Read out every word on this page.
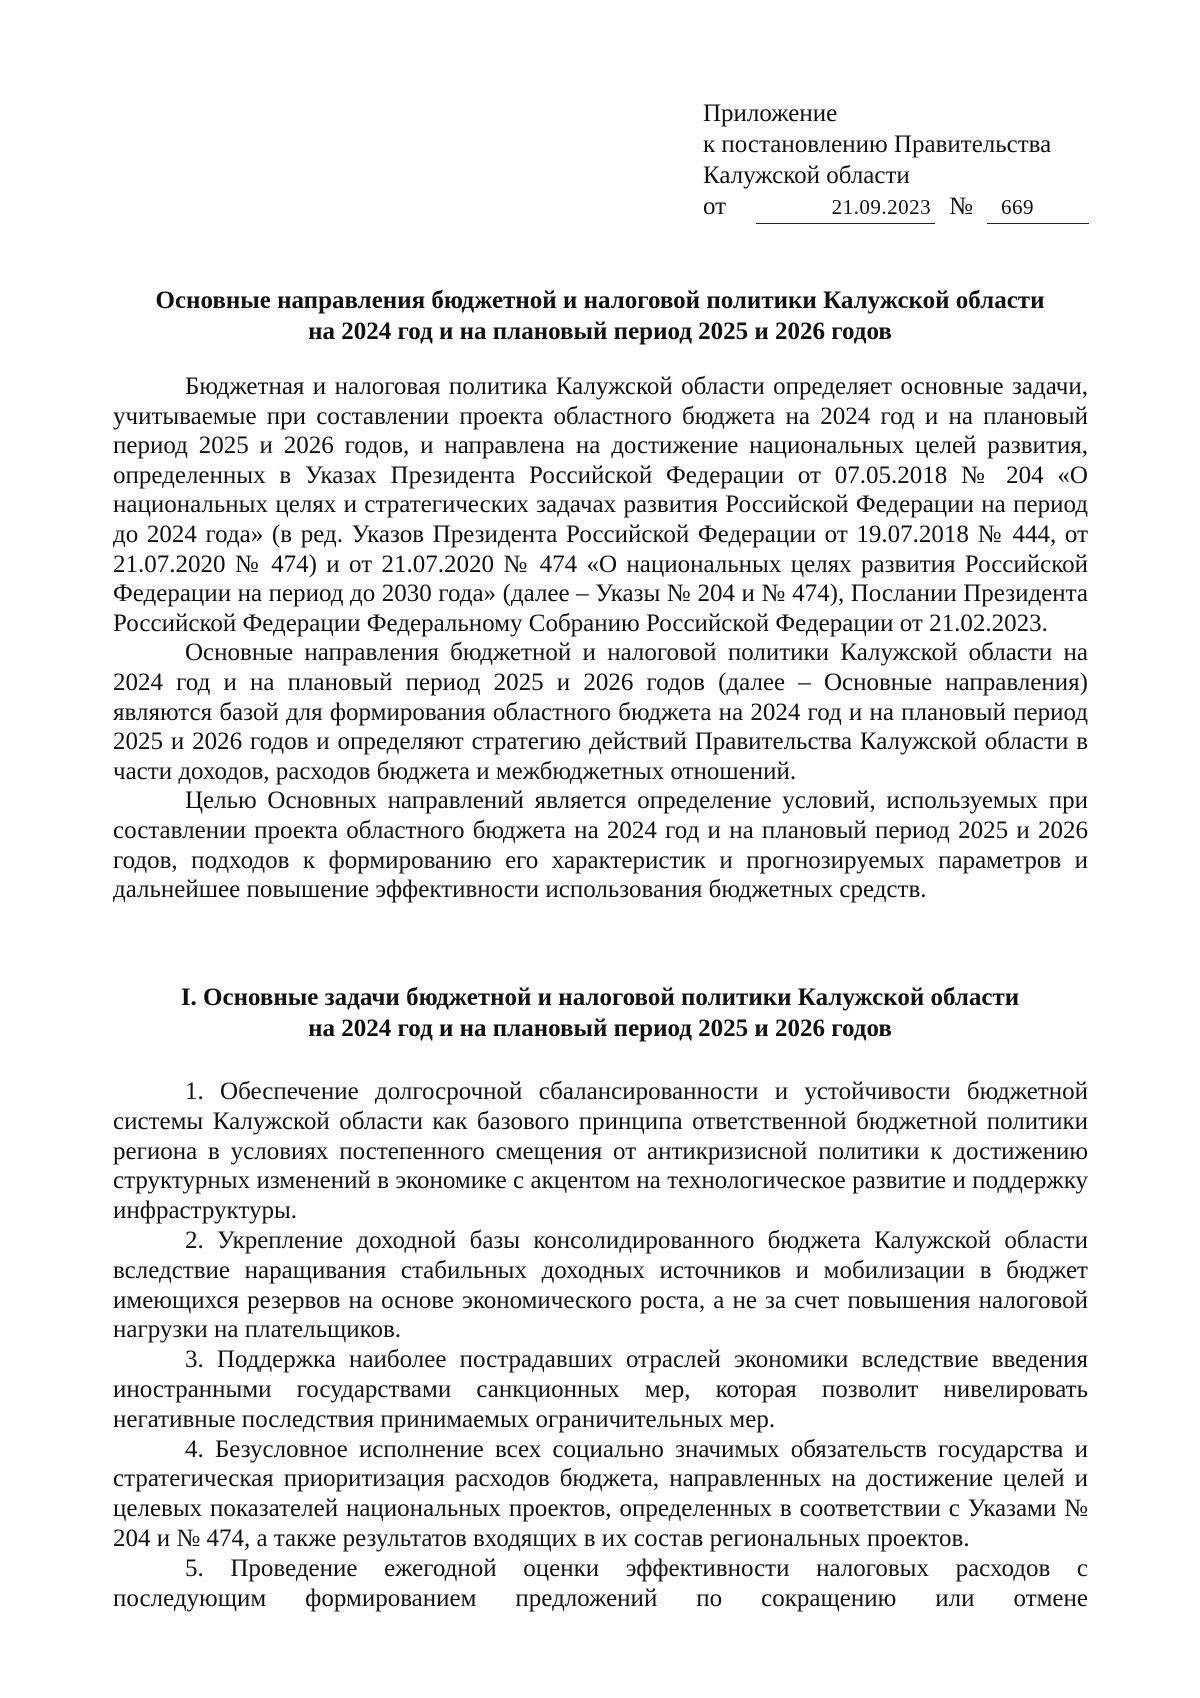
Приложение
к постановлению Правительства
Калужской области
от	21.09.2023 №	669
Основные направления бюджетной и налоговой политики Калужской области
на 2024 год и на плановый период 2025 и 2026 годов

Бюджетная и налоговая политика Калужской области определяет основные задачи, учитываемые при составлении проекта областного бюджета на 2024 год и на плановый период 2025 и 2026 годов, и направлена на достижение национальных целей развития, определенных в Указах Президента Российской Федерации от 07.05.2018 № 204 «О национальных целях и стратегических задачах развития Российской Федерации на период до 2024 года» (в ред. Указов Президента Российской Федерации от 19.07.2018 № 444, от 21.07.2020 № 474) и от 21.07.2020 № 474 «О национальных целях развития Российской Федерации на период до 2030 года» (далее – Указы № 204 и № 474), Послании Президента Российской Федерации Федеральному Собранию Российской Федерации от 21.02.2023.

Основные направления бюджетной и налоговой политики Калужской области на 2024 год и на плановый период 2025 и 2026 годов (далее – Основные направления) являются базой для формирования областного бюджета на 2024 год и на плановый период 2025 и 2026 годов и определяют стратегию действий Правительства Калужской области в части доходов, расходов бюджета и межбюджетных отношений.

Целью Основных направлений является определение условий, используемых при составлении проекта областного бюджета на 2024 год и на плановый период 2025 и 2026 годов, подходов к формированию его характеристик и прогнозируемых параметров и дальнейшее повышение эффективности использования бюджетных средств.

I. Основные задачи бюджетной и налоговой политики Калужской области
на 2024 год и на плановый период 2025 и 2026 годов

1. Обеспечение долгосрочной сбалансированности и устойчивости бюджетной системы Калужской области как базового принципа ответственной бюджетной политики региона в условиях постепенного смещения от антикризисной политики к достижению структурных изменений в экономике с акцентом на технологическое развитие и поддержку инфраструктуры.

2. Укрепление доходной базы консолидированного бюджета Калужской области вследствие наращивания стабильных доходных источников и мобилизации в бюджет имеющихся резервов на основе экономического роста, а не за счет повышения налоговой нагрузки на плательщиков.

3. Поддержка наиболее пострадавших отраслей экономики вследствие введения иностранными государствами санкционных мер, которая позволит нивелировать негативные последствия принимаемых ограничительных мер.

4. Безусловное исполнение всех социально значимых обязательств государства и стратегическая приоритизация расходов бюджета, направленных на достижение целей и целевых показателей национальных проектов, определенных в соответствии с Указами № 204 и № 474, а также результатов входящих в их состав региональных проектов.

5. Проведение ежегодной оценки эффективности налоговых расходов с последующим формированием предложений по сокращению или отмене
